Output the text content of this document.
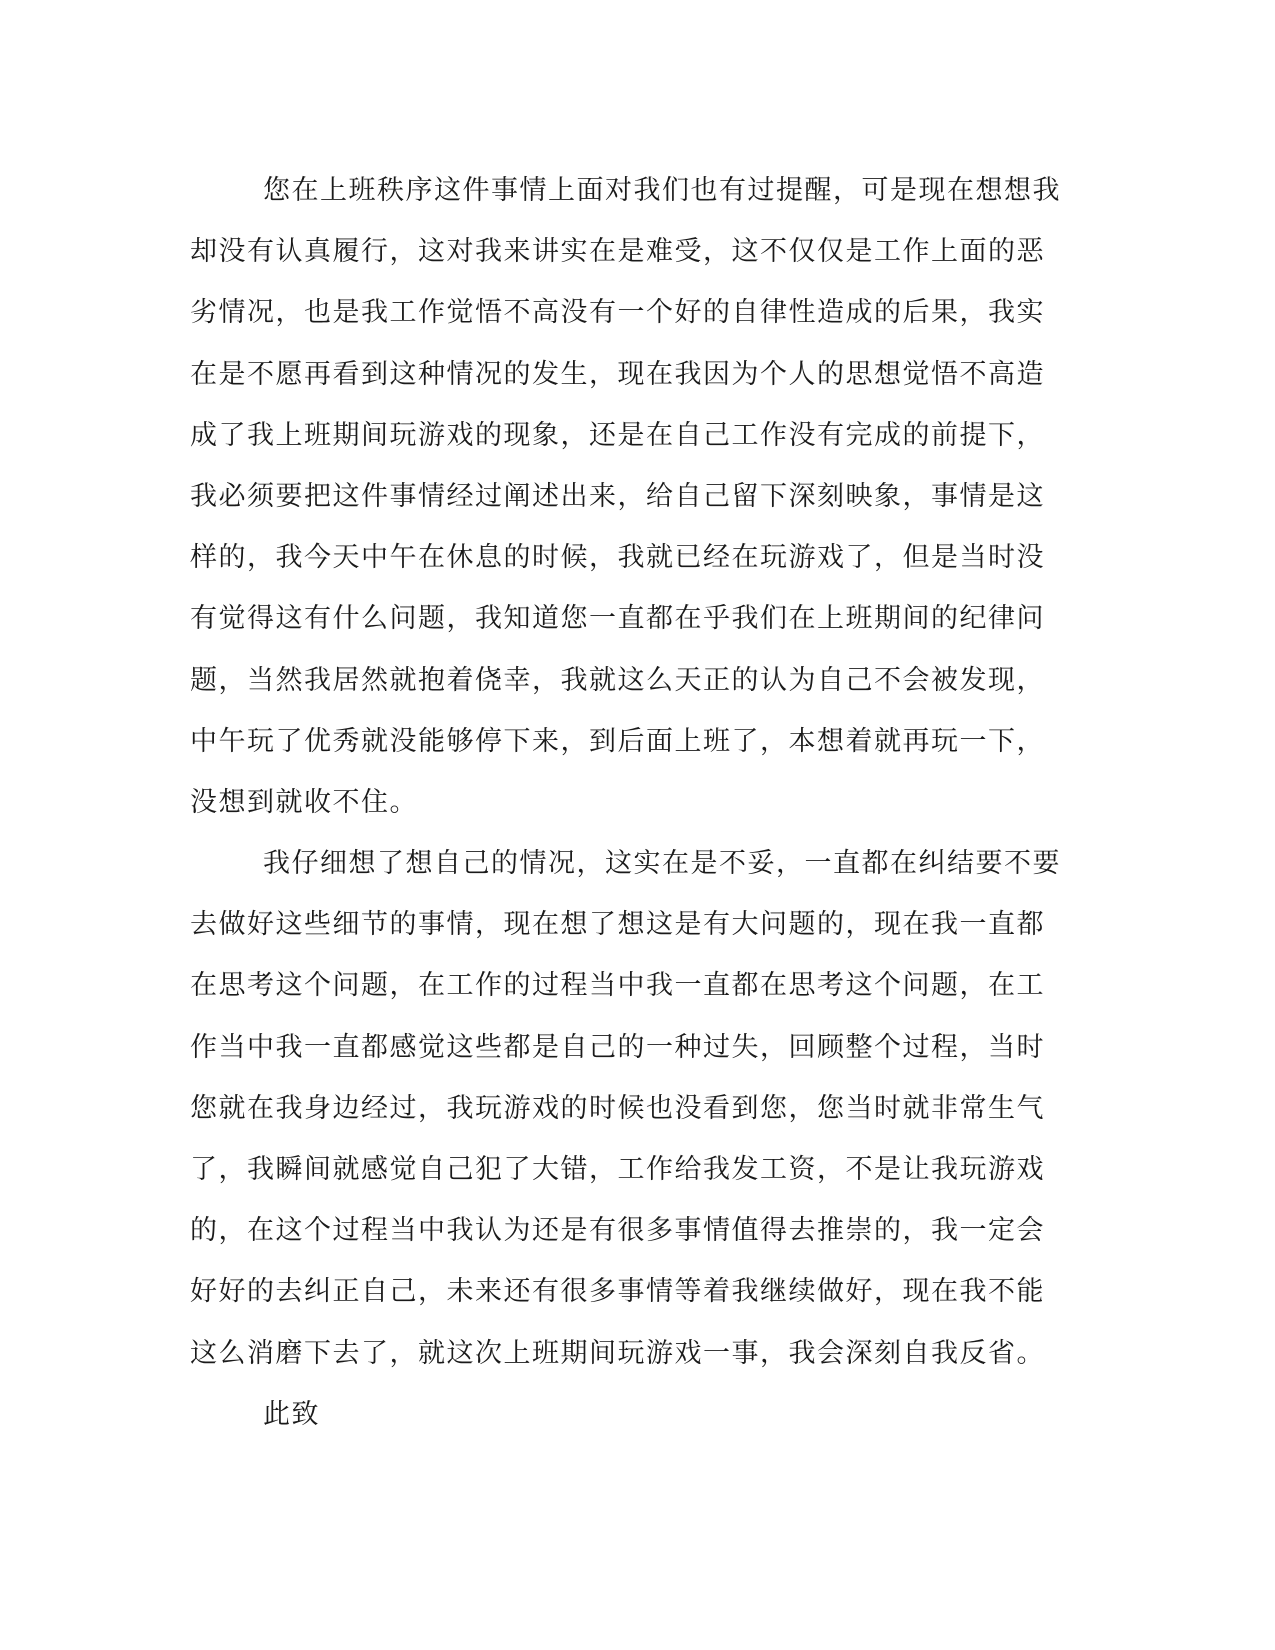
您在上班秩序这件事情上面对我们也有过提醒，可是现在想想我
却没有认真履行，这对我来讲实在是难受，这不仅仅是工作上面的恶
劣情况，也是我工作觉悟不高没有一个好的自律性造成的后果，我实
在是不愿再看到这种情况的发生，现在我因为个人的思想觉悟不高造
成了我上班期间玩游戏的现象，还是在自己工作没有完成的前提下，
我必须要把这件事情经过阐述出来，给自己留下深刻映象，事情是这
样的，我今天中午在休息的时候，我就已经在玩游戏了，但是当时没
有觉得这有什么问题，我知道您一直都在乎我们在上班期间的纪律问
题，当然我居然就抱着侥幸，我就这么天正的认为自己不会被发现，
中午玩了优秀就没能够停下来，到后面上班了，本想着就再玩一下，
没想到就收不住。
我仔细想了想自己的情况，这实在是不妥，一直都在纠结要不要
去做好这些细节的事情，现在想了想这是有大问题的，现在我一直都
在思考这个问题，在工作的过程当中我一直都在思考这个问题，在工
作当中我一直都感觉这些都是自己的一种过失，回顾整个过程，当时
您就在我身边经过，我玩游戏的时候也没看到您，您当时就非常生气
了，我瞬间就感觉自己犯了大错，工作给我发工资，不是让我玩游戏
的，在这个过程当中我认为还是有很多事情值得去推崇的，我一定会
好好的去纠正自己，未来还有很多事情等着我继续做好，现在我不能
这么消磨下去了，就这次上班期间玩游戏一事，我会深刻自我反省。
此致
